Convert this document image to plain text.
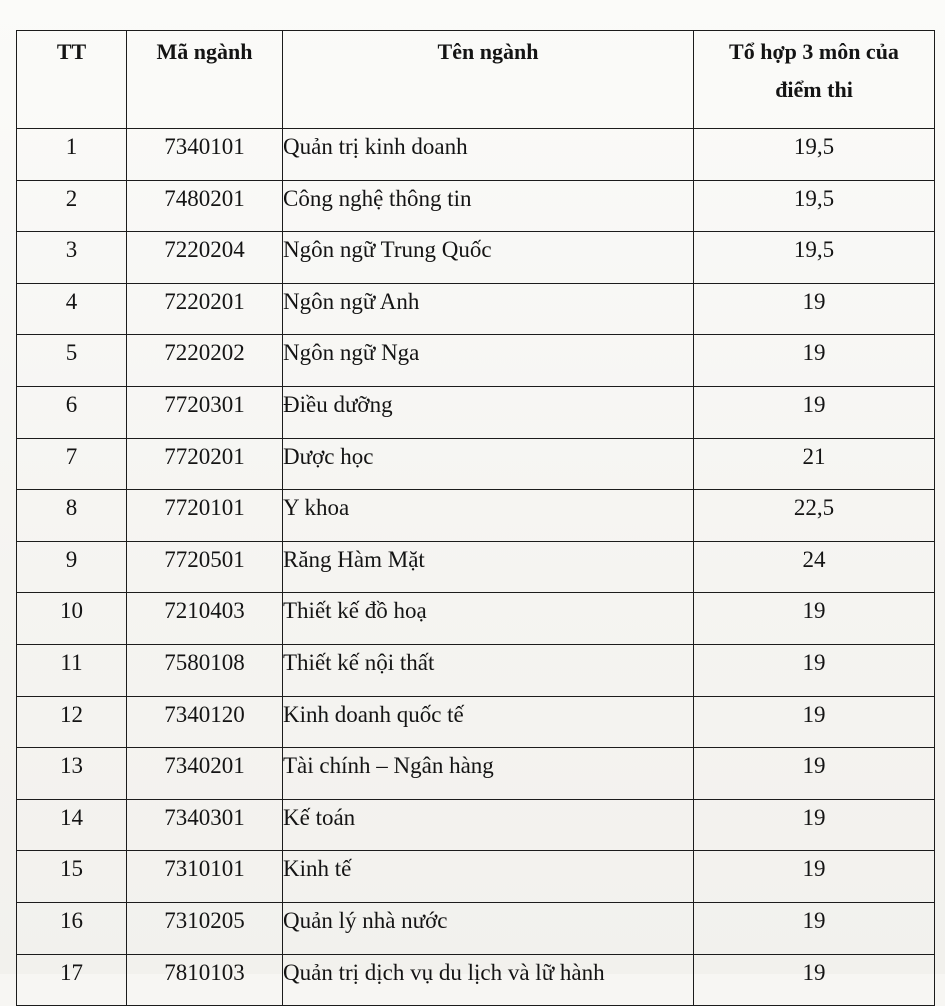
TT	Mã ngành	Tên ngành	Tổ hợp 3 môn của
điểm thi

1	7340101	Quản trị kinh doanh	19,5
2	7480201	Công nghệ thông tin	19,5
3	7220204	Ngôn ngữ Trung Quốc	19,5
4	7220201	Ngôn ngữ Anh	19
5	7220202	Ngôn ngữ Nga	19
6	7720301	Điều dưỡng	19
7	7720201	Dược học	21
8	7720101	Y khoa	22,5
9	7720501	Răng Hàm Mặt	24
10	7210403	Thiết kế đồ hoạ	19
11	7580108	Thiết kế nội thất	19
12	7340120	Kinh doanh quốc tế	19
13	7340201	Tài chính – Ngân hàng	19
14	7340301	Kế toán	19
15	7310101	Kinh tế	19
16	7310205	Quản lý nhà nước	19
17	7810103	Quản trị dịch vụ du lịch và lữ hành	19
